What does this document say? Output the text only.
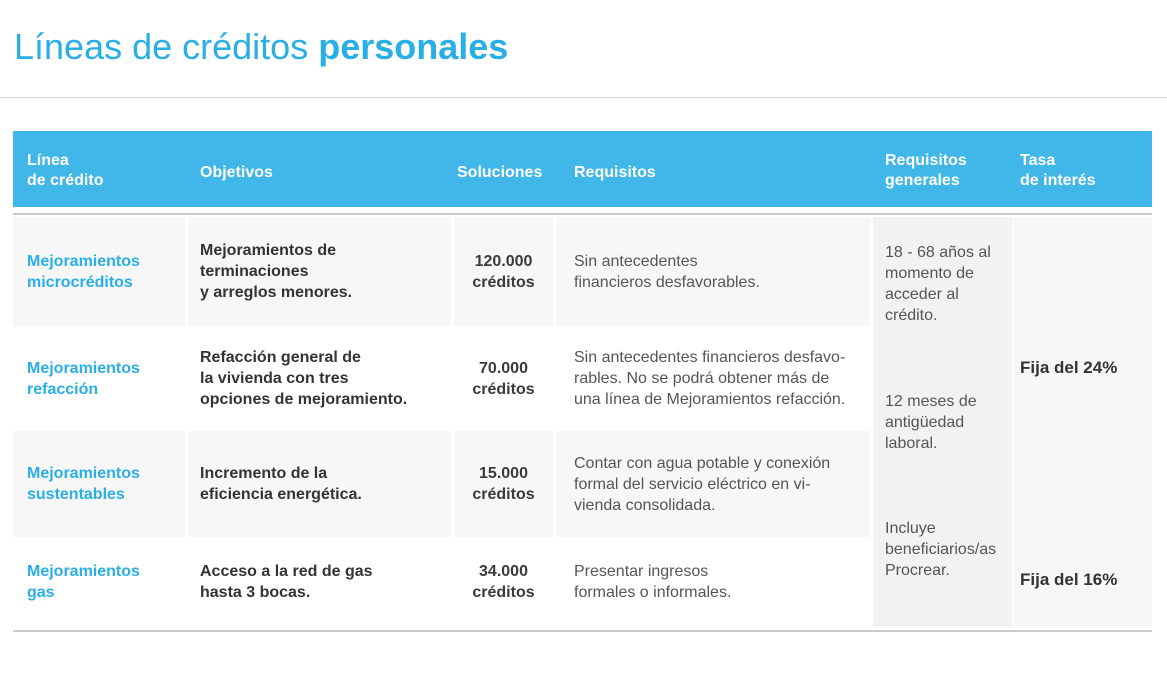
Líneas de créditos personales
Línea
de crédito	Objetivos	Soluciones Requisitos
Requisitos
generales
Tasa
de interés
Mejoramientos
microcréditos
Mejoramientos de
terminaciones
y arreglos menores.
120.000
créditos
Sin antecedentes
financieros desfavorables.
Mejoramientos
refacción
Refacción general de
la vivienda con tres
opciones de mejoramiento.
70.000
créditos
Sin antecedentes financieros desfavo-
rables. No se podrá obtener más de
una línea de Mejoramientos refacción.
Mejoramientos
sustentables
Incremento de la
eficiencia energética.
15.000
créditos
Contar con agua potable y conexión
formal del servicio eléctrico en vi-
vienda consolidada.
Mejoramientos
gas
Acceso a la red de gas
hasta 3 bocas.
34.000
créditos
Presentar ingresos
formales o informales.
18 - 68 años al
momento de
acceder al
crédito.
12 meses de
antigüedad
laboral.
Incluye
beneficiarios/as
Procrear.
Fija del 24%
Fija del 16%
